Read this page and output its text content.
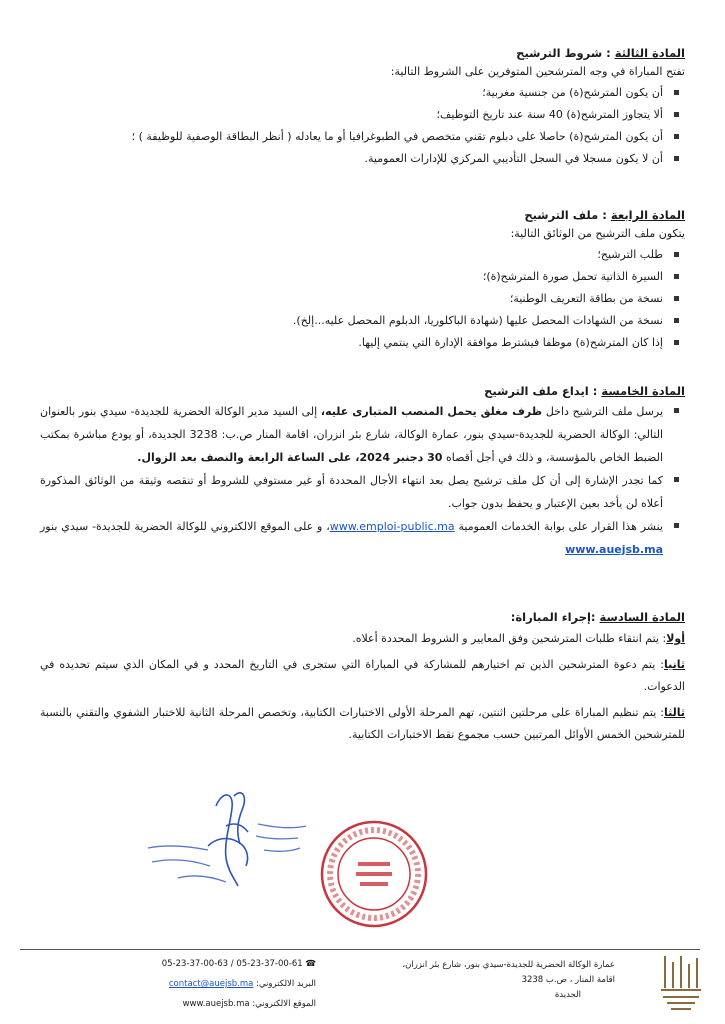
المادة الثالثة : شروط الترشيح
تفتح المباراة في وجه المترشحين المتوفرين على الشروط التالية:
أن يكون المترشح(ة) من جنسية مغربية؛
ألا يتجاوز المترشح(ة) 40 سنة عند تاريخ التوظيف؛
أن يكون المترشح(ة) حاصلا على دبلوم تقني متخصص في الطبوغرافيا أو ما يعادله ( أنظر البطاقة الوصفية للوظيفة ) ؛
أن لا يكون مسجلا في السجل التأديبي المركزي للإدارات العمومية.
المادة الرابعة : ملف الترشيح
يتكون ملف الترشيح من الوثائق التالية:
طلب الترشيح؛
السيرة الذاتية تحمل صورة المترشح(ة)؛
نسخة من بطاقة التعريف الوطنية؛
نسخة من الشهادات المحصل عليها (شهادة الباكلوريا، الدبلوم المحصل عليه...إلخ).
إذا كان المترشح(ة) موظفا فيشترط موافقة الإدارة التي ينتمي إليها.
المادة الخامسة : ايداع ملف الترشيح
يرسل ملف الترشيح داخل ظرف مغلق يحمل المنصب المتبارى عليه، إلى السيد مدير الوكالة الحضرية للجديدة- سيدي بنور بالعنوان التالي: الوكالة الحضرية للجديدة-سيدي بنور، عمارة الوكالة، شارع بئر انزران، اقامة المنار ص.ب: 3238 الجديدة، أو يودع مباشرة بمكتب الضبط الخاص بالمؤسسة، و ذلك في أجل أقصاه 30 دجنبر 2024، على الساعة الرابعة والنصف بعد الزوال.
كما تجدر الإشارة إلى أن كل ملف ترشيح يصل بعد انتهاء الأجال المحددة أو غير مستوفي للشروط أو تنقصه وثيقة من الوثائق المذكورة أعلاه لن يأخد بعين الإعتبار و يحفظ بدون جواب.
ينشر هذا القرار على بوابة الخدمات العمومية www.emploi-public.ma، و على الموقع الالكتروني للوكالة الحضرية للجديدة- سيدي بنور www.auejsb.ma
المادة السادسة :إجراء المباراة:
أولا: يتم انتقاء طلبات المترشحين وفق المعايير و الشروط المحددة أعلاه.
ثانيا: يتم دعوة المترشحين الذين تم اختيارهم للمشاركة في المباراة التي ستجرى في التاريخ المحدد و في المكان الذي سيتم تحديده في الدعوات.
ثالثا: يتم تنظيم المباراة على مرحلتين اثنتين، تهم المرحلة الأولى الاختبارات الكتابية، وتخصص المرحلة الثانية للاختبار الشفوي والتقني بالنسبة للمترشحين الخمس الأوائل المرتبين حسب مجموع نقط الاختبارات الكتابية.
عمارة الوكالة الحضرية للجديدة-سيدي بنور، شارع بئر انزران،
اقامة المنار ، ص.ب 3238
الجديدة
☎ 05-23-37-00-63 / 05-23-37-00-61
البريد الالكتروني: contact@auejsb.ma
الموقع الالكتروني: www.auejsb.ma
